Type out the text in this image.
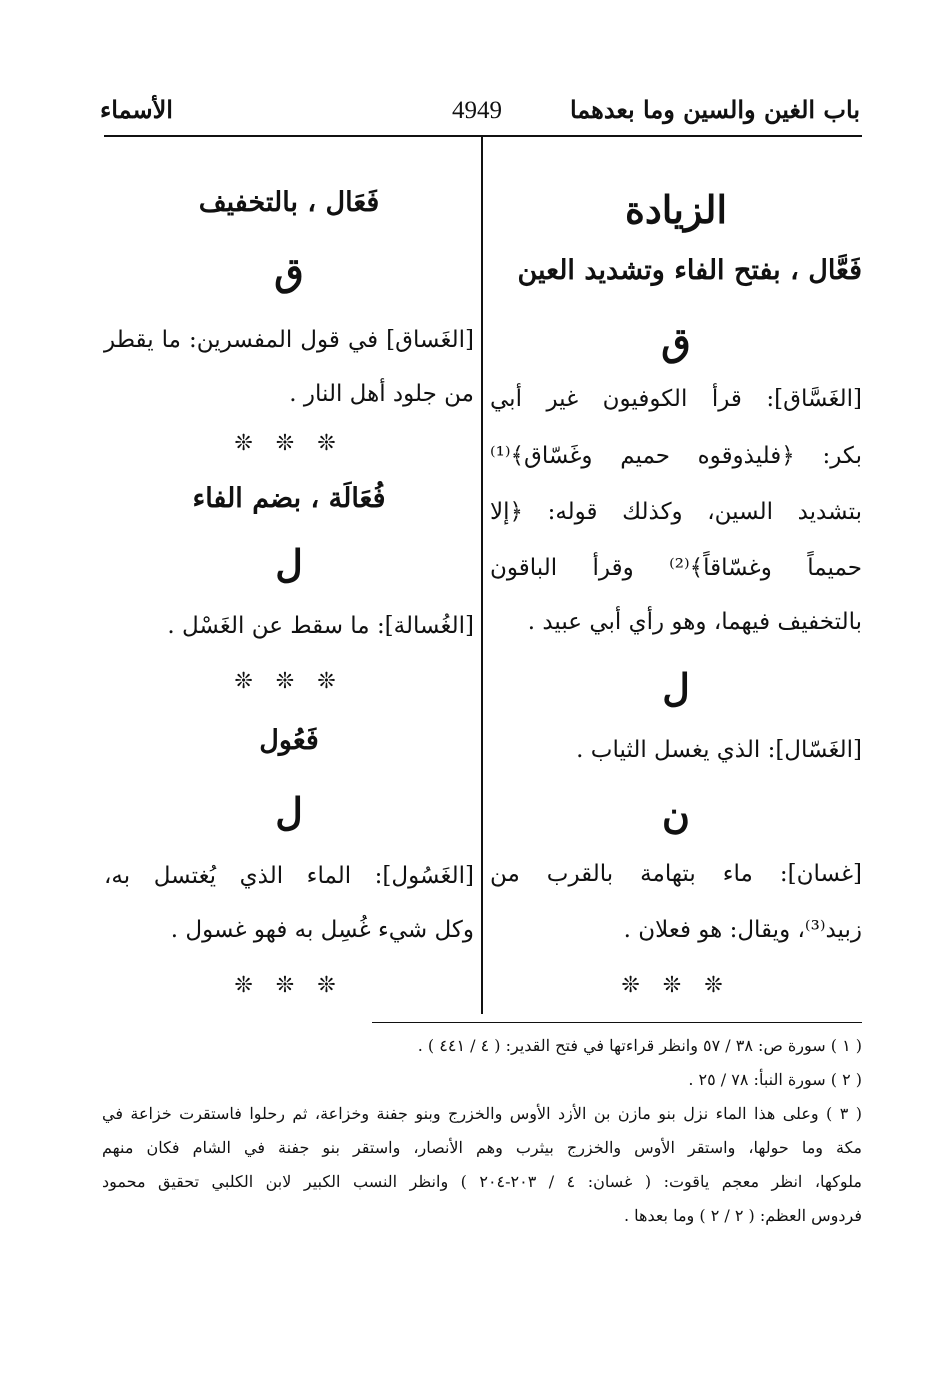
باب الغين والسين وما بعدهما
4949
الأسماء
الزيادة
فَعَّال ، بفتح الفاء وتشديد العين
ق
[الغَسَّاق]: قرأ الكوفيون غير أبي
بكر: ﴿فليذوقوه حميم وغَسّاق﴾⁽¹⁾
بتشديد السين، وكذلك قوله: ﴿إلا
حميماً وغسّاقاً﴾⁽²⁾ وقرأ الباقون
بالتخفيف فيهما، وهو رأي أبي عبيد .
ل
[الغَسّال]: الذي يغسل الثياب .
ن
[غسان]: ماء بتهامة بالقرب من
زبيد⁽³⁾، ويقال: هو فعلان .
❊ ❊ ❊
فَعَال ، بالتخفيف
ق
[الغَساق] في قول المفسرين: ما يقطر
من جلود أهل النار .
❊ ❊ ❊
فُعَالَة ، بضم الفاء
ل
[الغُسالة]: ما سقط عن الغَسْل .
❊ ❊ ❊
فَعُول
ل
[الغَسُول]: الماء الذي يُغتسل به،
وكل شيء غُسِل به فهو غسول .
❊ ❊ ❊
( ١ ) سورة ص: ٣٨ / ٥٧ وانظر قراءتها في فتح القدير: ( ٤ / ٤٤١ ) .
( ٢ ) سورة النبأ: ٧٨ / ٢٥ .
( ٣ ) وعلى هذا الماء نزل بنو مازن بن الأزد الأوس والخزرج وبنو جفنة وخزاعة، ثم رحلوا فاستقرت خزاعة في
مكة وما حولها، واستقر الأوس والخزرج بيثرب وهم الأنصار، واستقر بنو جفنة في الشام فكان منهم
ملوكها، انظر معجم ياقوت: ( غسان: ٤ / ٢٠٣-٢٠٤ ) وانظر النسب الكبير لابن الكلبي تحقيق محمود
فردوس العظم: ( ٢ / ٢ ) وما بعدها .
